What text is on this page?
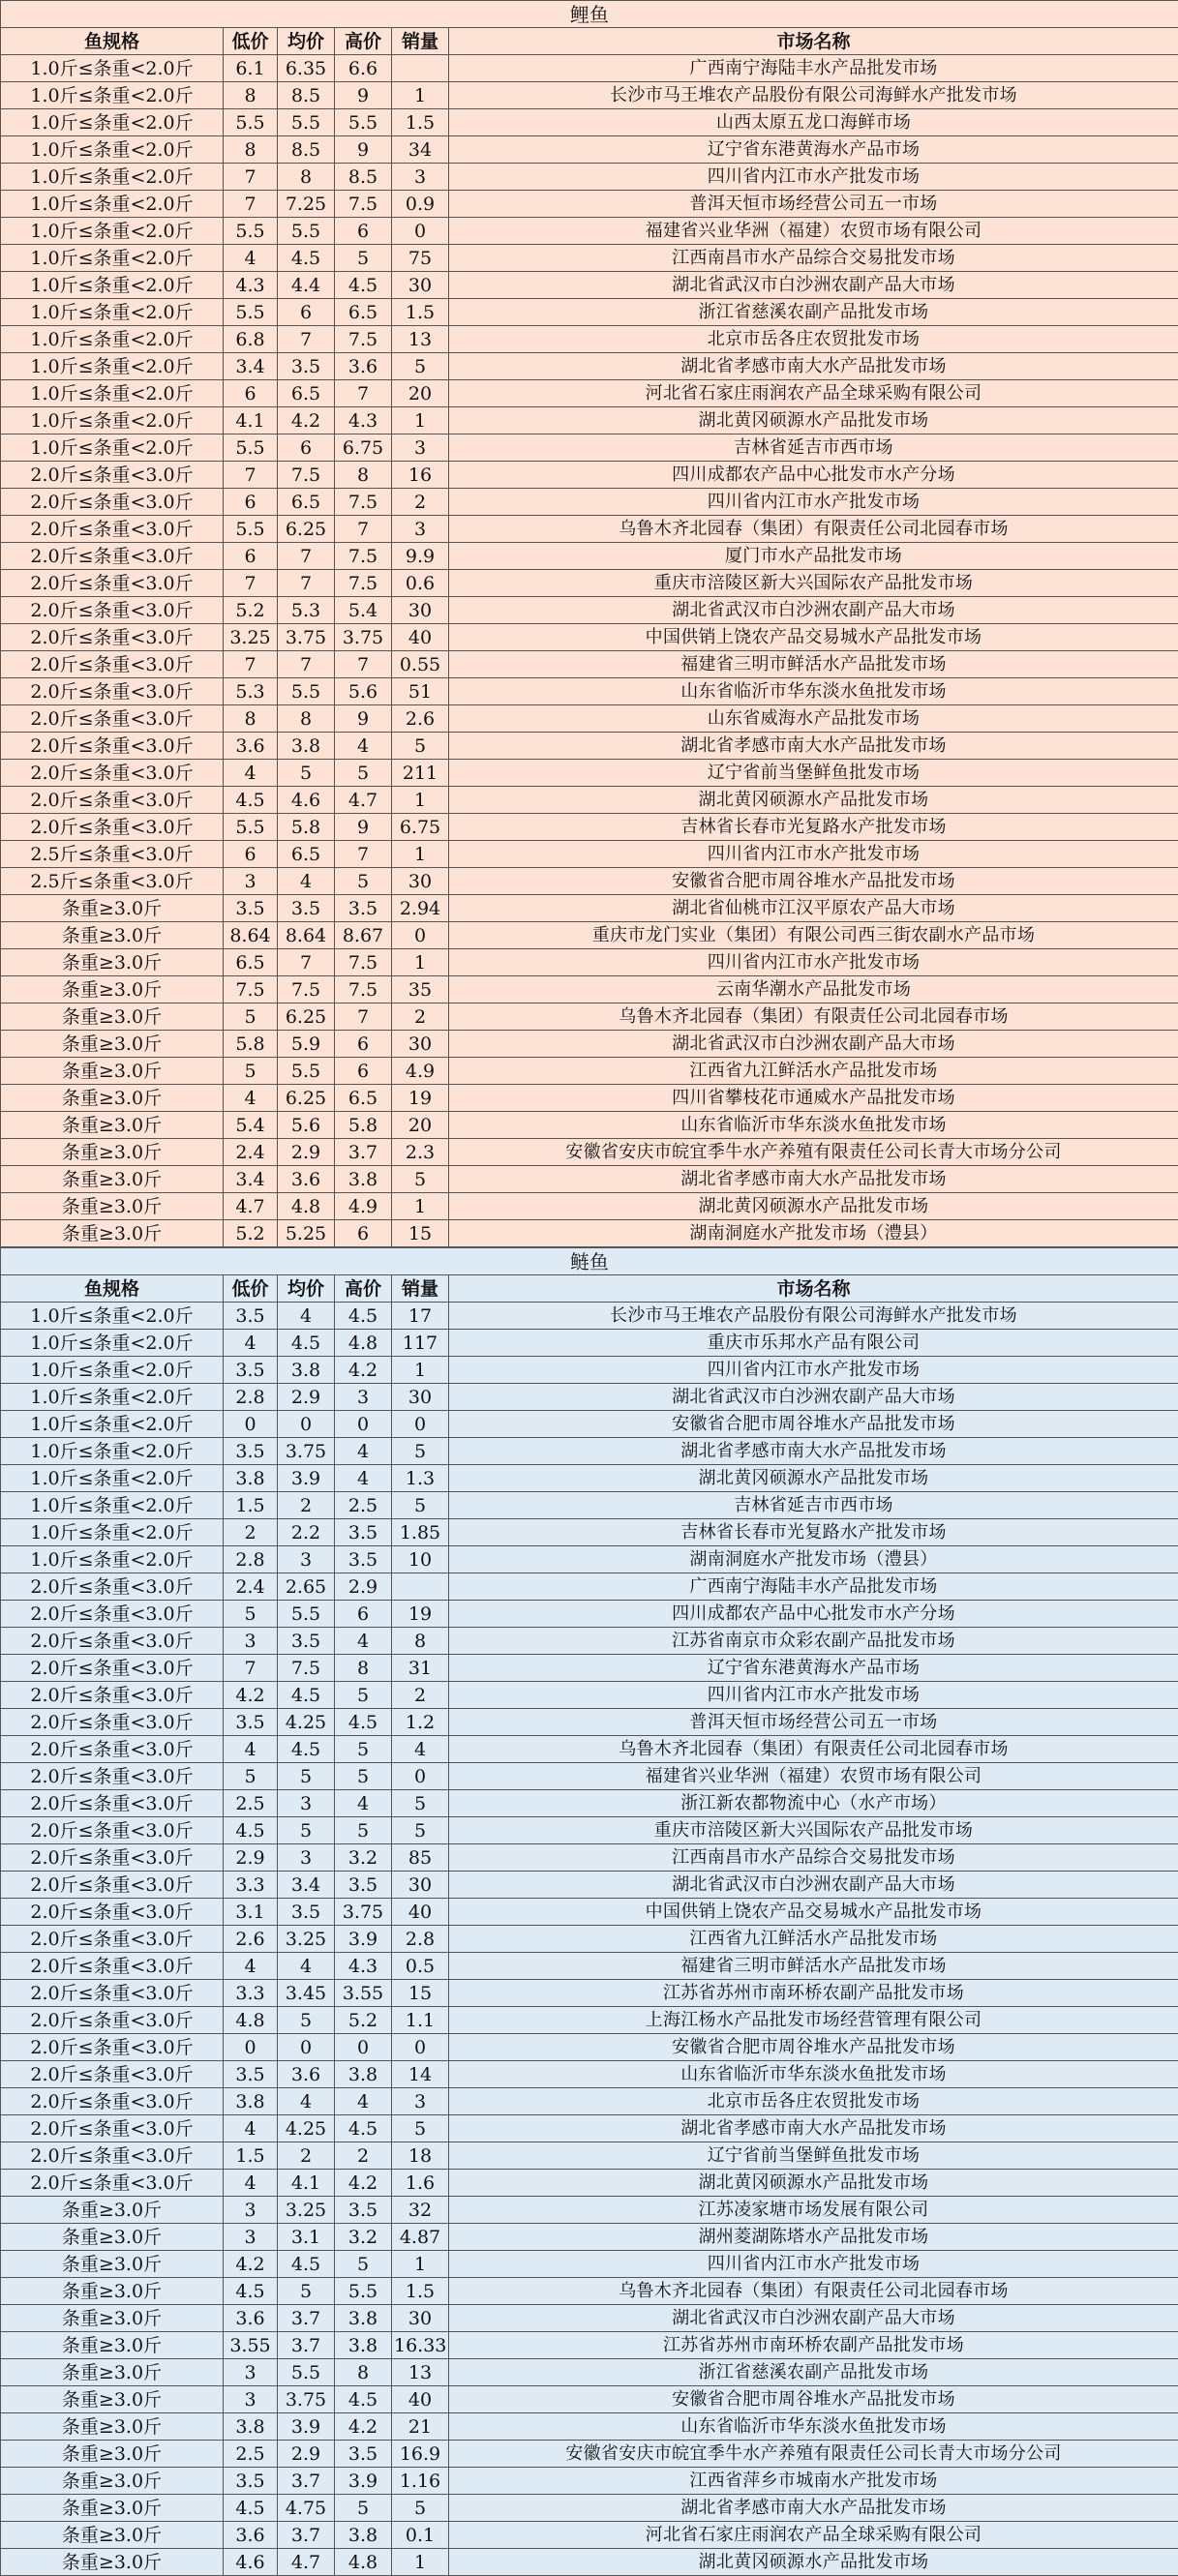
鲤鱼					
鱼规格	低价	均价	高价	销量	市场名称
1.0斤≤条重<2.0斤	6.1	6.35	6.6		广西南宁海陆丰水产品批发市场
1.0斤≤条重<2.0斤	8	8.5	9	1	长沙市马王堆农产品股份有限公司海鲜水产批发市场
1.0斤≤条重<2.0斤	5.5	5.5	5.5	1.5	山西太原五龙口海鲜市场
1.0斤≤条重<2.0斤	8	8.5	9	34	辽宁省东港黄海水产品市场
1.0斤≤条重<2.0斤	7	8	8.5	3	四川省内江市水产批发市场
1.0斤≤条重<2.0斤	7	7.25	7.5	0.9	普洱天恒市场经营公司五一市场
1.0斤≤条重<2.0斤	5.5	5.5	6	0	福建省兴业华洲（福建）农贸市场有限公司
1.0斤≤条重<2.0斤	4	4.5	5	75	江西南昌市水产品综合交易批发市场
1.0斤≤条重<2.0斤	4.3	4.4	4.5	30	湖北省武汉市白沙洲农副产品大市场
1.0斤≤条重<2.0斤	5.5	6	6.5	1.5	浙江省慈溪农副产品批发市场
1.0斤≤条重<2.0斤	6.8	7	7.5	13	北京市岳各庄农贸批发市场
1.0斤≤条重<2.0斤	3.4	3.5	3.6	5	湖北省孝感市南大水产品批发市场
1.0斤≤条重<2.0斤	6	6.5	7	20	河北省石家庄雨润农产品全球采购有限公司
1.0斤≤条重<2.0斤	4.1	4.2	4.3	1	湖北黄冈硕源水产品批发市场
1.0斤≤条重<2.0斤	5.5	6	6.75	3	吉林省延吉市西市场
2.0斤≤条重<3.0斤	7	7.5	8	16	四川成都农产品中心批发市水产分场
2.0斤≤条重<3.0斤	6	6.5	7.5	2	四川省内江市水产批发市场
2.0斤≤条重<3.0斤	5.5	6.25	7	3	乌鲁木齐北园春（集团）有限责任公司北园春市场
2.0斤≤条重<3.0斤	6	7	7.5	9.9	厦门市水产品批发市场
2.0斤≤条重<3.0斤	7	7	7.5	0.6	重庆市涪陵区新大兴国际农产品批发市场
2.0斤≤条重<3.0斤	5.2	5.3	5.4	30	湖北省武汉市白沙洲农副产品大市场
2.0斤≤条重<3.0斤	3.25	3.75	3.75	40	中国供销上饶农产品交易城水产品批发市场
2.0斤≤条重<3.0斤	7	7	7	0.55	福建省三明市鲜活水产品批发市场
2.0斤≤条重<3.0斤	5.3	5.5	5.6	51	山东省临沂市华东淡水鱼批发市场
2.0斤≤条重<3.0斤	8	8	9	2.6	山东省威海水产品批发市场
2.0斤≤条重<3.0斤	3.6	3.8	4	5	湖北省孝感市南大水产品批发市场
2.0斤≤条重<3.0斤	4	5	5	211	辽宁省前当堡鲜鱼批发市场
2.0斤≤条重<3.0斤	4.5	4.6	4.7	1	湖北黄冈硕源水产品批发市场
2.0斤≤条重<3.0斤	5.5	5.8	9	6.75	吉林省长春市光复路水产批发市场
2.5斤≤条重<3.0斤	6	6.5	7	1	四川省内江市水产批发市场
2.5斤≤条重<3.0斤	3	4	5	30	安徽省合肥市周谷堆水产品批发市场
条重≥3.0斤	3.5	3.5	3.5	2.94	湖北省仙桃市江汉平原农产品大市场
条重≥3.0斤	8.64	8.64	8.67	0	重庆市龙门实业（集团）有限公司西三街农副水产品市场
条重≥3.0斤	6.5	7	7.5	1	四川省内江市水产批发市场
条重≥3.0斤	7.5	7.5	7.5	35	云南华潮水产品批发市场
条重≥3.0斤	5	6.25	7	2	乌鲁木齐北园春（集团）有限责任公司北园春市场
条重≥3.0斤	5.8	5.9	6	30	湖北省武汉市白沙洲农副产品大市场
条重≥3.0斤	5	5.5	6	4.9	江西省九江鲜活水产品批发市场
条重≥3.0斤	4	6.25	6.5	19	四川省攀枝花市通威水产品批发市场
条重≥3.0斤	5.4	5.6	5.8	20	山东省临沂市华东淡水鱼批发市场
条重≥3.0斤	2.4	2.9	3.7	2.3	安徽省安庆市皖宜季牛水产养殖有限责任公司长青大市场分公司
条重≥3.0斤	3.4	3.6	3.8	5	湖北省孝感市南大水产品批发市场
条重≥3.0斤	4.7	4.8	4.9	1	湖北黄冈硕源水产品批发市场
条重≥3.0斤	5.2	5.25	6	15	湖南洞庭水产批发市场（澧县）
鲢鱼					
鱼规格	低价	均价	高价	销量	市场名称
1.0斤≤条重<2.0斤	3.5	4	4.5	17	长沙市马王堆农产品股份有限公司海鲜水产批发市场
1.0斤≤条重<2.0斤	4	4.5	4.8	117	重庆市乐邦水产品有限公司
1.0斤≤条重<2.0斤	3.5	3.8	4.2	1	四川省内江市水产批发市场
1.0斤≤条重<2.0斤	2.8	2.9	3	30	湖北省武汉市白沙洲农副产品大市场
1.0斤≤条重<2.0斤	0	0	0	0	安徽省合肥市周谷堆水产品批发市场
1.0斤≤条重<2.0斤	3.5	3.75	4	5	湖北省孝感市南大水产品批发市场
1.0斤≤条重<2.0斤	3.8	3.9	4	1.3	湖北黄冈硕源水产品批发市场
1.0斤≤条重<2.0斤	1.5	2	2.5	5	吉林省延吉市西市场
1.0斤≤条重<2.0斤	2	2.2	3.5	1.85	吉林省长春市光复路水产批发市场
1.0斤≤条重<2.0斤	2.8	3	3.5	10	湖南洞庭水产批发市场（澧县）
2.0斤≤条重<3.0斤	2.4	2.65	2.9		广西南宁海陆丰水产品批发市场
2.0斤≤条重<3.0斤	5	5.5	6	19	四川成都农产品中心批发市水产分场
2.0斤≤条重<3.0斤	3	3.5	4	8	江苏省南京市众彩农副产品批发市场
2.0斤≤条重<3.0斤	7	7.5	8	31	辽宁省东港黄海水产品市场
2.0斤≤条重<3.0斤	4.2	4.5	5	2	四川省内江市水产批发市场
2.0斤≤条重<3.0斤	3.5	4.25	4.5	1.2	普洱天恒市场经营公司五一市场
2.0斤≤条重<3.0斤	4	4.5	5	4	乌鲁木齐北园春（集团）有限责任公司北园春市场
2.0斤≤条重<3.0斤	5	5	5	0	福建省兴业华洲（福建）农贸市场有限公司
2.0斤≤条重<3.0斤	2.5	3	4	5	浙江新农都物流中心（水产市场）
2.0斤≤条重<3.0斤	4.5	5	5	5	重庆市涪陵区新大兴国际农产品批发市场
2.0斤≤条重<3.0斤	2.9	3	3.2	85	江西南昌市水产品综合交易批发市场
2.0斤≤条重<3.0斤	3.3	3.4	3.5	30	湖北省武汉市白沙洲农副产品大市场
2.0斤≤条重<3.0斤	3.1	3.5	3.75	40	中国供销上饶农产品交易城水产品批发市场
2.0斤≤条重<3.0斤	2.6	3.25	3.9	2.8	江西省九江鲜活水产品批发市场
2.0斤≤条重<3.0斤	4	4	4.3	0.5	福建省三明市鲜活水产品批发市场
2.0斤≤条重<3.0斤	3.3	3.45	3.55	15	江苏省苏州市南环桥农副产品批发市场
2.0斤≤条重<3.0斤	4.8	5	5.2	1.1	上海江杨水产品批发市场经营管理有限公司
2.0斤≤条重<3.0斤	0	0	0	0	安徽省合肥市周谷堆水产品批发市场
2.0斤≤条重<3.0斤	3.5	3.6	3.8	14	山东省临沂市华东淡水鱼批发市场
2.0斤≤条重<3.0斤	3.8	4	4	3	北京市岳各庄农贸批发市场
2.0斤≤条重<3.0斤	4	4.25	4.5	5	湖北省孝感市南大水产品批发市场
2.0斤≤条重<3.0斤	1.5	2	2	18	辽宁省前当堡鲜鱼批发市场
2.0斤≤条重<3.0斤	4	4.1	4.2	1.6	湖北黄冈硕源水产品批发市场
条重≥3.0斤	3	3.25	3.5	32	江苏凌家塘市场发展有限公司
条重≥3.0斤	3	3.1	3.2	4.87	湖州菱湖陈塔水产品批发市场
条重≥3.0斤	4.2	4.5	5	1	四川省内江市水产批发市场
条重≥3.0斤	4.5	5	5.5	1.5	乌鲁木齐北园春（集团）有限责任公司北园春市场
条重≥3.0斤	3.6	3.7	3.8	30	湖北省武汉市白沙洲农副产品大市场
条重≥3.0斤	3.55	3.7	3.8	16.33	江苏省苏州市南环桥农副产品批发市场
条重≥3.0斤	3	5.5	8	13	浙江省慈溪农副产品批发市场
条重≥3.0斤	3	3.75	4.5	40	安徽省合肥市周谷堆水产品批发市场
条重≥3.0斤	3.8	3.9	4.2	21	山东省临沂市华东淡水鱼批发市场
条重≥3.0斤	2.5	2.9	3.5	16.9	安徽省安庆市皖宜季牛水产养殖有限责任公司长青大市场分公司
条重≥3.0斤	3.5	3.7	3.9	1.16	江西省萍乡市城南水产批发市场
条重≥3.0斤	4.5	4.75	5	5	湖北省孝感市南大水产品批发市场
条重≥3.0斤	3.6	3.7	3.8	0.1	河北省石家庄雨润农产品全球采购有限公司
条重≥3.0斤	4.6	4.7	4.8	1	湖北黄冈硕源水产品批发市场
